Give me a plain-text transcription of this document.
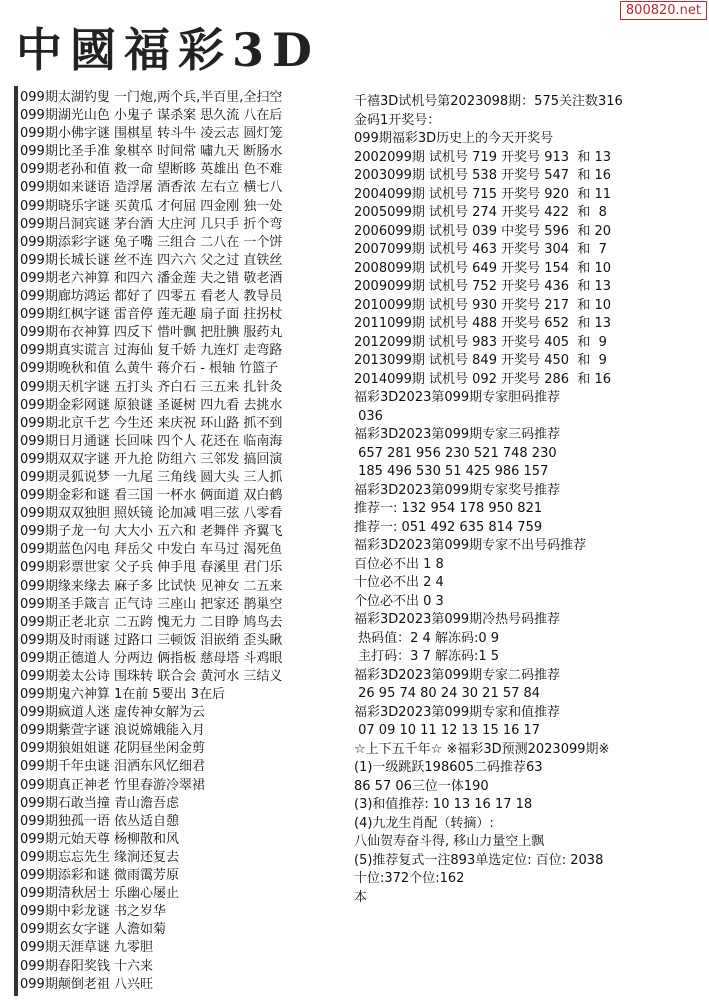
中國福彩3D
800820.net
099期太湖钓叟 一门炮,两个兵,半百里,全扫空
099期湖光山色 小鬼子 谋杀案 思久流 八在后
099期小佛字谜 围棋星 转斗牛 凌云志 圆灯笼
099期比圣手准 象棋卒 时间常 嘯九天 断肠水
099期老孙和值 救一命 望断眵 英雄出 色不难
099期如来谜语 造浮屠 酒香浓 左右立 横七八
099期晓乐字谜 买黄瓜 才何屈 四金刚 独一处
099期吕洞宾谜 茅台酒 大庄河 几只手 折个弯
099期添彩字谜 兔子嘴 三组合 二八在 一个饼
099期长城长谜 丝不连 四六六 父之过 直铁丝
099期老六神算 和四六 潘金莲 夫之错 敬老酒
099期廊坊鸿运 都好了 四零五 看老人 教导员
099期红枫字谜 雷音停 莲无趣 扇子面 拄拐杖
099期布衣神算 四反下 惜叶飘 把肚腆 服药丸
099期真实谎言 过海仙 复千娇 九连灯 走弯路
099期晚秋和值 么黄牛 蒋介石 - 根轴 竹篮子
099期天机字谜 五打头 齐白石 三五来 扎针灸
099期金彩网谜 原狼谜 圣诞树 四九看 去挑水
099期北京千艺 今生还 来庆祝 环山路 抓不到
099期日月通谜 长回味 四个人 花还在 临南海
099期双双字谜 开九抢 防组六 三邻发 搞回演
099期灵狐说梦 一九尾 三角线 圆大头 三人抓
099期金彩和谜 看三国 一杯水 俩面道 双白鹤
099期双双独胆 照妖镜 论加减 唱三弦 八零看
099期子龙一句 大大小 五六和 老舞伴 齐翼飞
099期蓝色闪电 拜岳父 中发白 车马过 渴死鱼
099期彩票世家 父子兵 伸手甩 春溪里 君门乐
099期缘来缘去 麻子多 比试快 见神女 二五来
099期圣手箴言 正气诗 三座山 把家还 鹊巢空
099期正老北京 二五跨 愧无力 二目睁 鸠鸟去
099期及时雨谜 过路口 三顿饭 泪嵌绡 歪头瞅
099期正德道人 分两边 俩指板 慈母塔 斗鸡眼
099期姜太公诗 围珠转 联合会 黄河水 三结义
099期鬼六神算 1在前 5要出 3在后
099期疯道人迷 虚传神女解为云
099期紫萱字谜 浪说嫦娥能入月
099期狼姐姐谜 花阴昼坐闲金剪
099期千年虫谜 泪洒东风忆细君
099期真正神老 竹里春游冷翠裙
099期石敢当撞 青山澹吾虑
099期独孤一语 依丛适自憩
099期元始天尊 杨柳散和风
099期忘忘先生 缘涧还复去
099期添彩和谜 微雨霭芳原
099期清秋居士 乐幽心屡止
099期中彩龙谜 书之岁华
099期玄女字谜 人澹如菊
099期天涯草谜 九零胆
099期春阳奖钱 十六来
099期颠倒老祖 八兴旺
千禧3D试机号第2023098期：575关注数316
金码1开奖号：
099期福彩3D历史上的今天开奖号
2002099期 试机号 719 开奖号 913  和 13
2003099期 试机号 538 开奖号 547  和 16
2004099期 试机号 715 开奖号 920  和 11
2005099期 试机号 274 开奖号 422  和  8
2006099期 试机号 039 中奖号 596  和 20
2007099期 试机号 463 开奖号 304  和  7
2008099期 试机号 649 开奖号 154  和 10
2009099期 试机号 752 开奖号 436  和 13
2010099期 试机号 930 开奖号 217  和 10
2011099期 试机号 488 开奖号 652  和 13
2012099期 试机号 983 开奖号 405  和  9
2013099期 试机号 849 开奖号 450  和  9
2014099期 试机号 092 开奖号 286  和 16
福彩3D2023第099期专家胆码推荐
036
福彩3D2023第099期专家三码推荐
657 281 956 230 521 748 230
185 496 530 51 425 986 157
福彩3D2023第099期专家奖号推荐
推荐一: 132 954 178 950 821
推荐一: 051 492 635 814 759
福彩3D2023第099期专家不出号码推荐
百位必不出 1 8
十位必不出 2 4
个位必不出 0 3
福彩3D2023第099期冷热号码推荐
热码值：2 4 解冻码:0 9
主打码：3 7 解冻码:1 5
福彩3D2023第099期专家二码推荐
26 95 74 80 24 30 21 57 84
福彩3D2023第099期专家和值推荐
07 09 10 11 12 13 15 16 17
☆上下五千年☆ ※福彩3D预测2023099期※
(1)一级跳跃198605二码推荐63
86 57 06三位一体190
(3)和值推荐: 10 13 16 17 18
(4)九龙生肖配（转摘）:
八仙贺寿奋斗得, 移山力量空上飘
(5)推荐复式一注893单选定位: 百位: 2038
十位:372个位:162
本
